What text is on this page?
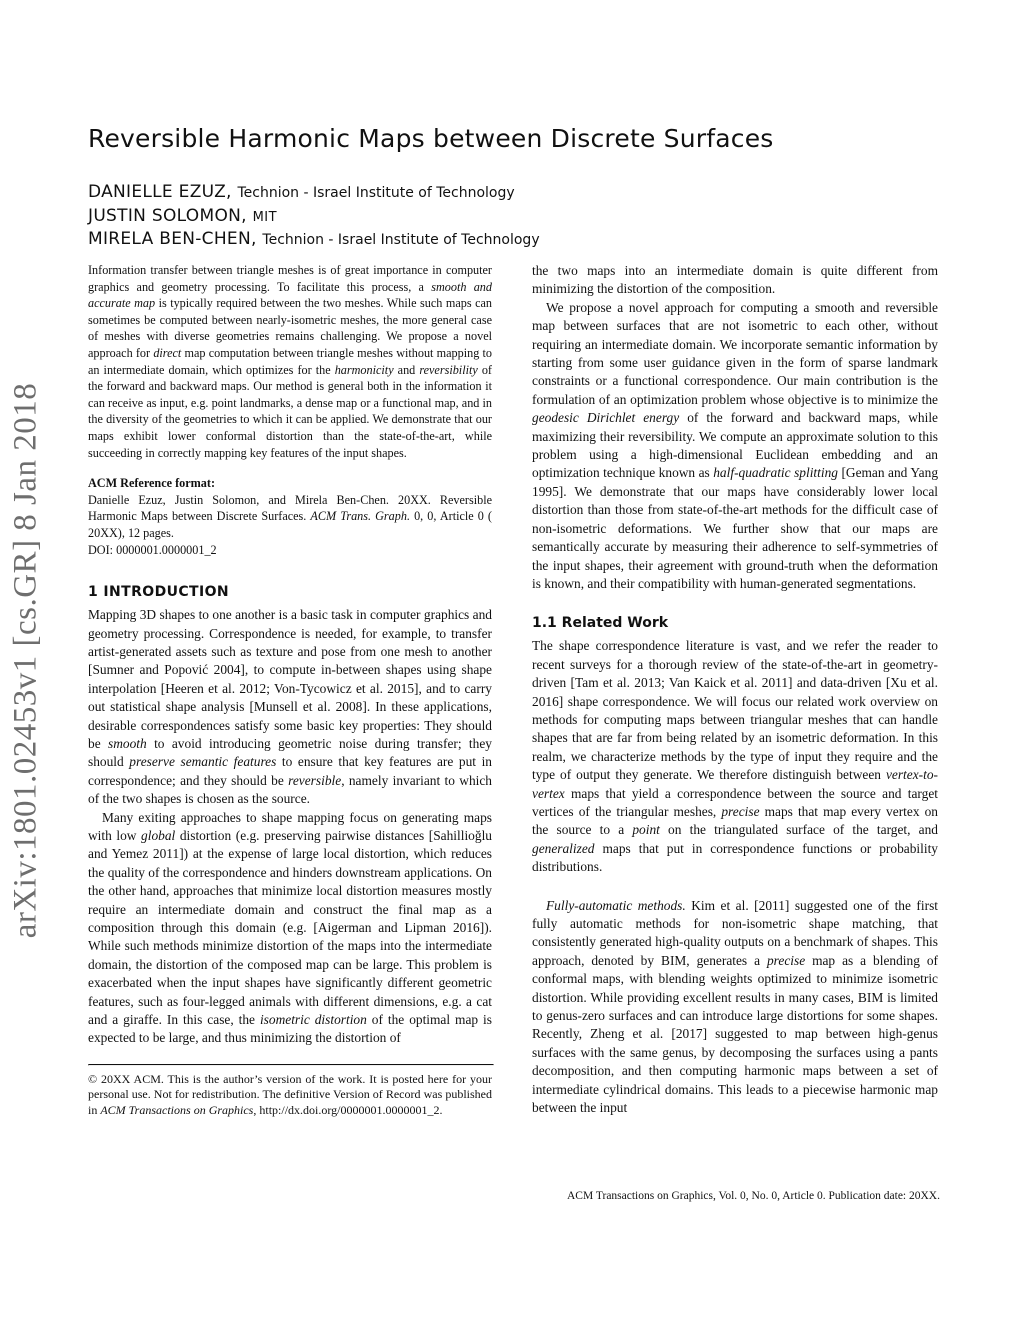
arXiv:1801.02453v1 [cs.GR] 8 Jan 2018
Reversible Harmonic Maps between Discrete Surfaces
DANIELLE EZUZ, Technion - Israel Institute of Technology
JUSTIN SOLOMON, MIT
MIRELA BEN-CHEN, Technion - Israel Institute of Technology

Information transfer between triangle meshes is of great importance in computer graphics and geometry processing. To facilitate this process, a smooth and accurate map is typically required between the two meshes. While such maps can sometimes be computed between nearly-isometric meshes, the more general case of meshes with diverse geometries remains challenging. We propose a novel approach for direct map computation between triangle meshes without mapping to an intermediate domain, which optimizes for the harmonicity and reversibility of the forward and backward maps. Our method is general both in the information it can receive as input, e.g. point landmarks, a dense map or a functional map, and in the diversity of the geometries to which it can be applied. We demonstrate that our maps exhibit lower conformal distortion than the state-of-the-art, while succeeding in correctly mapping key features of the input shapes.

ACM Reference format:

Danielle Ezuz, Justin Solomon, and Mirela Ben-Chen. 20XX. Reversible Harmonic Maps between Discrete Surfaces. ACM Trans. Graph. 0, 0, Article 0 ( 20XX), 12 pages.

DOI: 0000001.0000001_2

1 INTRODUCTION

Mapping 3D shapes to one another is a basic task in computer graphics and geometry processing. Correspondence is needed, for example, to transfer artist-generated assets such as texture and pose from one mesh to another [Sumner and Popović 2004], to compute in-between shapes using shape interpolation [Heeren et al. 2012; Von-Tycowicz et al. 2015], and to carry out statistical shape analysis [Munsell et al. 2008]. In these applications, desirable correspondences satisfy some basic key properties: They should be smooth to avoid introducing geometric noise during transfer; they should preserve semantic features to ensure that key features are put in correspondence; and they should be reversible, namely invariant to which of the two shapes is chosen as the source.

Many exiting approaches to shape mapping focus on generating maps with low global distortion (e.g. preserving pairwise distances [Sahillioğlu and Yemez 2011]) at the expense of large local distortion, which reduces the quality of the correspondence and hinders downstream applications. On the other hand, approaches that minimize local distortion measures mostly require an intermediate domain and construct the final map as a composition through this domain (e.g. [Aigerman and Lipman 2016]). While such methods minimize distortion of the maps into the intermediate domain, the distortion of the composed map can be large. This problem is exacerbated when the input shapes have significantly different geometric features, such as four-legged animals with different dimensions, e.g. a cat and a giraffe. In this case, the isometric distortion of the optimal map is expected to be large, and thus minimizing the distortion of

© 20XX ACM. This is the author’s version of the work. It is posted here for your personal use. Not for redistribution. The definitive Version of Record was published in ACM Transactions on Graphics, http://dx.doi.org/0000001.0000001_2.

the two maps into an intermediate domain is quite different from minimizing the distortion of the composition.

We propose a novel approach for computing a smooth and reversible map between surfaces that are not isometric to each other, without requiring an intermediate domain. We incorporate semantic information by starting from some user guidance given in the form of sparse landmark constraints or a functional correspondence. Our main contribution is the formulation of an optimization problem whose objective is to minimize the geodesic Dirichlet energy of the forward and backward maps, while maximizing their reversibility. We compute an approximate solution to this problem using a high-dimensional Euclidean embedding and an optimization technique known as half-quadratic splitting [Geman and Yang 1995]. We demonstrate that our maps have considerably lower local distortion than those from state-of-the-art methods for the difficult case of non-isometric deformations. We further show that our maps are semantically accurate by measuring their adherence to self-symmetries of the input shapes, their agreement with ground-truth when the deformation is known, and their compatibility with human-generated segmentations.

1.1 Related Work

The shape correspondence literature is vast, and we refer the reader to recent surveys for a thorough review of the state-of-the-art in geometry-driven [Tam et al. 2013; Van Kaick et al. 2011] and data-driven [Xu et al. 2016] shape correspondence. We will focus our related work overview on methods for computing maps between triangular meshes that can handle shapes that are far from being related by an isometric deformation. In this realm, we characterize methods by the type of input they require and the type of output they generate. We therefore distinguish between vertex-to-vertex maps that yield a correspondence between the source and target vertices of the triangular meshes, precise maps that map every vertex on the source to a point on the triangulated surface of the target, and generalized maps that put in correspondence functions or probability distributions.

Fully-automatic methods. Kim et al. [2011] suggested one of the first fully automatic methods for non-isometric shape matching, that consistently generated high-quality outputs on a benchmark of shapes. This approach, denoted by BIM, generates a precise map as a blending of conformal maps, with blending weights optimized to minimize isometric distortion. While providing excellent results in many cases, BIM is limited to genus-zero surfaces and can introduce large distortions for some shapes. Recently, Zheng et al. [2017] suggested to map between high-genus surfaces with the same genus, by decomposing the surfaces using a pants decomposition, and then computing harmonic maps between a set of intermediate cylindrical domains. This leads to a piecewise harmonic map between the input

ACM Transactions on Graphics, Vol. 0, No. 0, Article 0. Publication date: 20XX.
